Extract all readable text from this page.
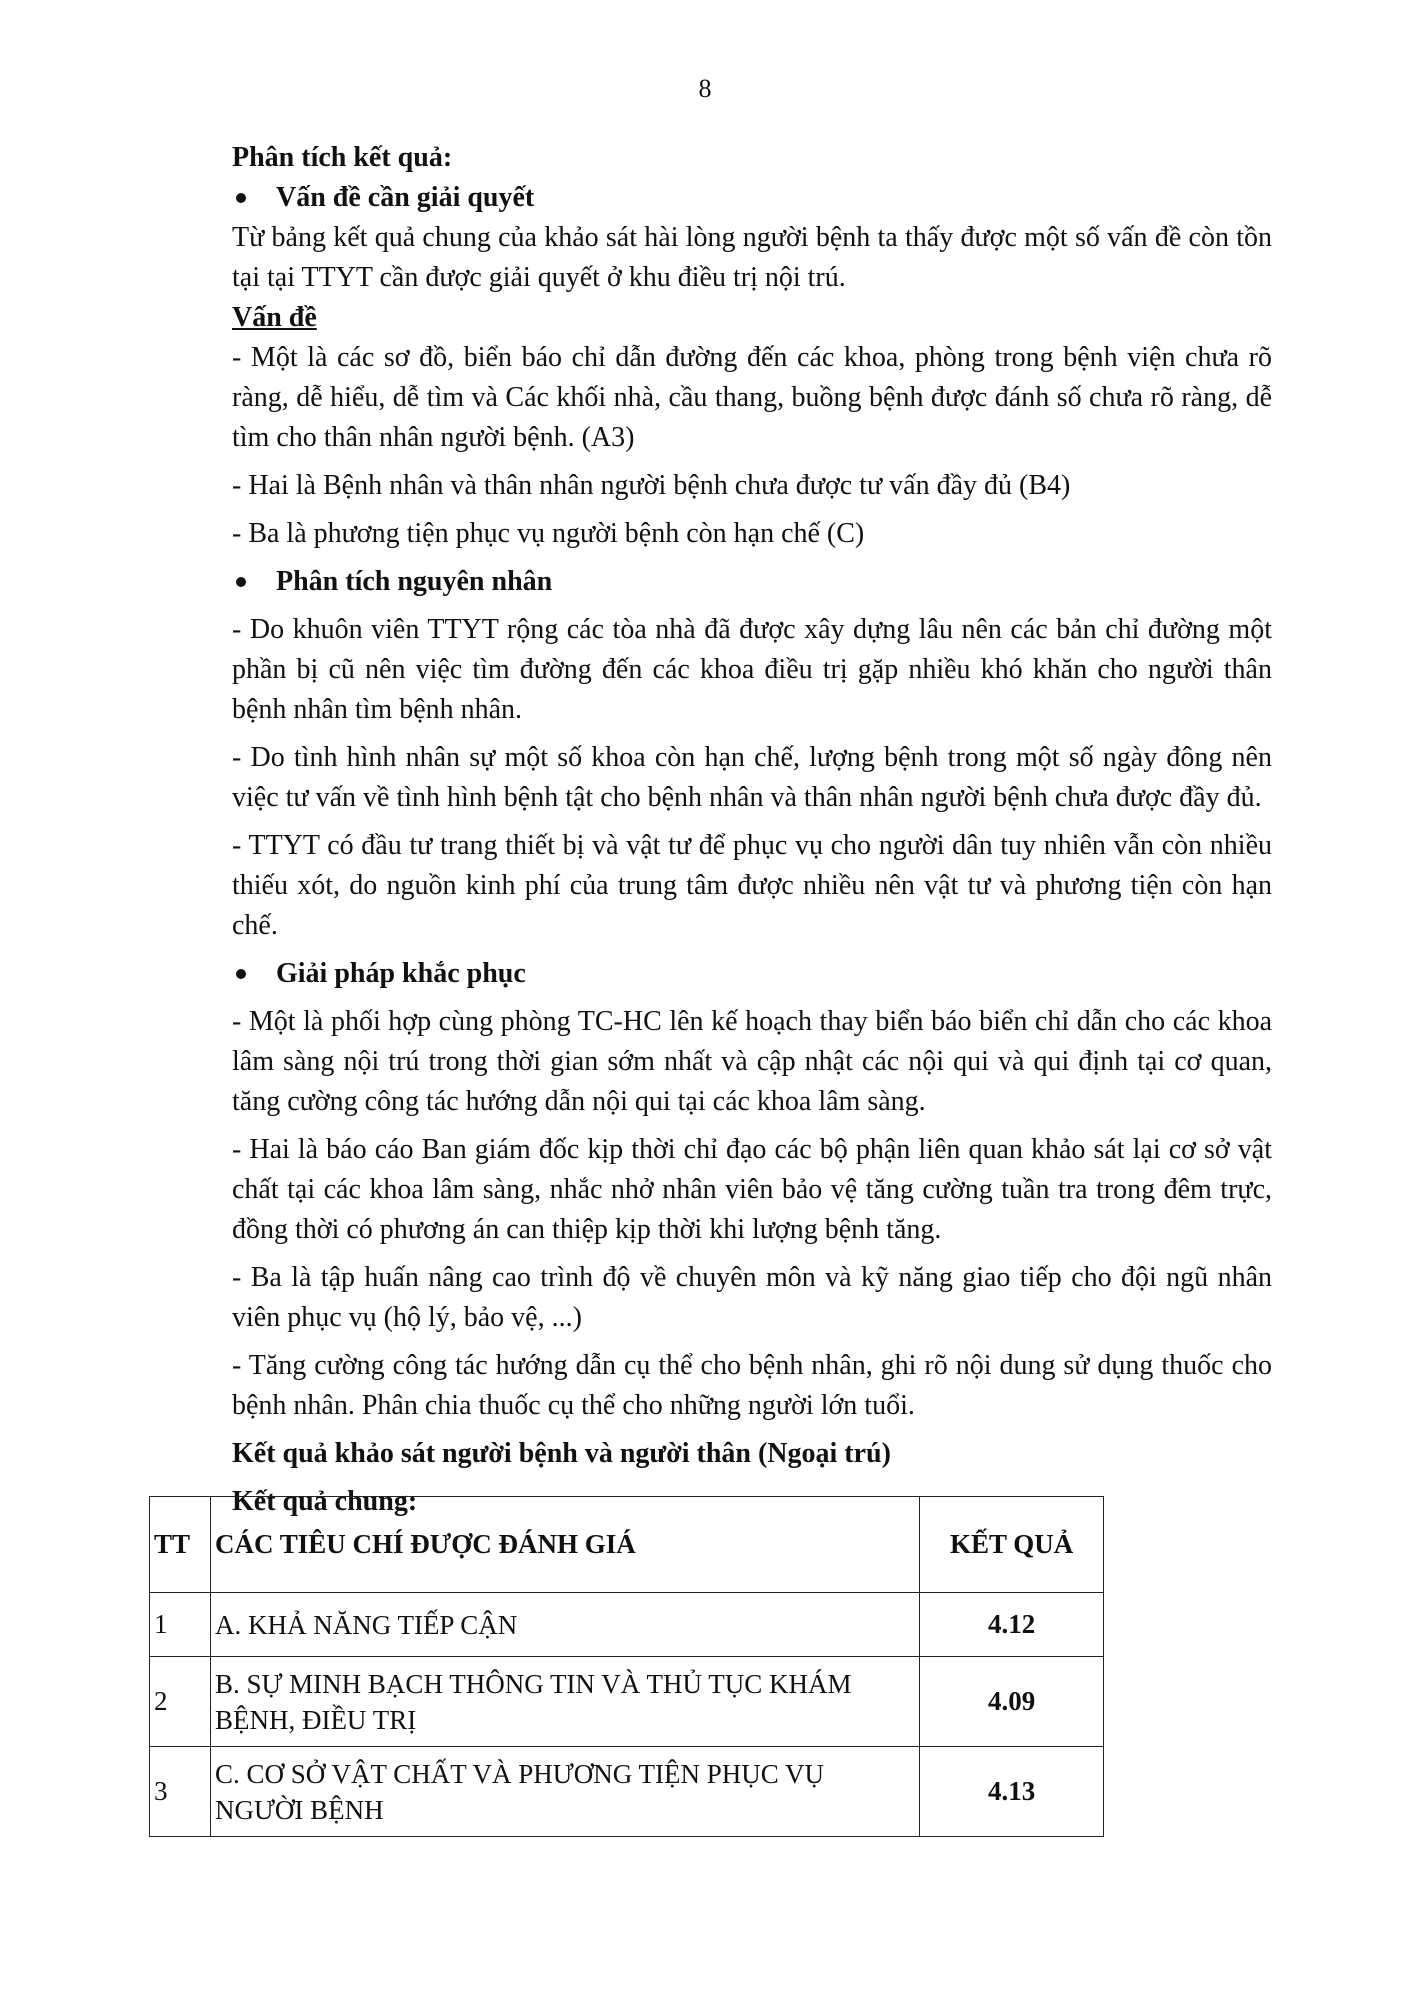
8

Phân tích kết quả:

Vấn đề cần giải quyết

Từ bảng kết quả chung của khảo sát hài lòng người bệnh ta thấy được một số vấn đề còn tồn tại tại TTYT cần được giải quyết ở khu điều trị nội trú.

Vấn đề

- Một là các sơ đồ, biển báo chỉ dẫn đường đến các khoa, phòng trong bệnh viện chưa rõ ràng, dễ hiểu, dễ tìm và Các khối nhà, cầu thang, buồng bệnh được đánh số chưa rõ ràng, dễ tìm cho thân nhân người bệnh. (A3)

- Hai là Bệnh nhân và thân nhân người bệnh chưa được tư vấn đầy đủ (B4)

- Ba là phương tiện phục vụ người bệnh còn hạn chế (C)

Phân tích nguyên nhân

- Do khuôn viên TTYT rộng các tòa nhà đã được xây dựng lâu nên các bản chỉ đường một phần bị cũ nên việc tìm đường đến các khoa điều trị gặp nhiều khó khăn cho người thân bệnh nhân tìm bệnh nhân.

- Do tình hình nhân sự một số khoa còn hạn chế, lượng bệnh trong một số ngày đông nên việc tư vấn về tình hình bệnh tật cho bệnh nhân và thân nhân người bệnh chưa được đầy đủ.

- TTYT có đầu tư trang thiết bị và vật tư để phục vụ cho người dân tuy nhiên vẫn còn nhiều thiếu xót, do nguồn kinh phí của trung tâm được nhiều nên vật tư và phương tiện còn hạn chế.

Giải pháp khắc phục

- Một là phối hợp cùng phòng TC-HC lên kế hoạch thay biển báo biển chỉ dẫn cho các khoa lâm sàng nội trú trong thời gian sớm nhất và cập nhật các nội qui và qui định tại cơ quan, tăng cường công tác hướng dẫn nội qui tại các khoa lâm sàng.

- Hai là báo cáo Ban giám đốc kịp thời chỉ đạo các bộ phận liên quan khảo sát lại cơ sở vật chất tại các khoa lâm sàng, nhắc nhở nhân viên bảo vệ tăng cường tuần tra trong đêm trực, đồng thời có phương án can thiệp kịp thời khi lượng bệnh tăng.

- Ba là tập huấn nâng cao trình độ về chuyên môn và kỹ năng giao tiếp cho đội ngũ nhân viên phục vụ (hộ lý, bảo vệ, ...)

- Tăng cường công tác hướng dẫn cụ thể cho bệnh nhân, ghi rõ nội dung sử dụng thuốc cho bệnh nhân. Phân chia thuốc cụ thể cho những người lớn tuổi.

Kết quả khảo sát người bệnh và người thân (Ngoại trú)

Kết quả chung:

TT	CÁC TIÊU CHÍ ĐƯỢC ĐÁNH GIÁ	KẾT QUẢ
1	A. KHẢ NĂNG TIẾP CẬN	4.12
2	B. SỰ MINH BẠCH THÔNG TIN VÀ THỦ TỤC KHÁM BỆNH, ĐIỀU TRỊ	4.09
3	C. CƠ SỞ VẬT CHẤT VÀ PHƯƠNG TIỆN PHỤC VỤ NGƯỜI BỆNH	4.13
